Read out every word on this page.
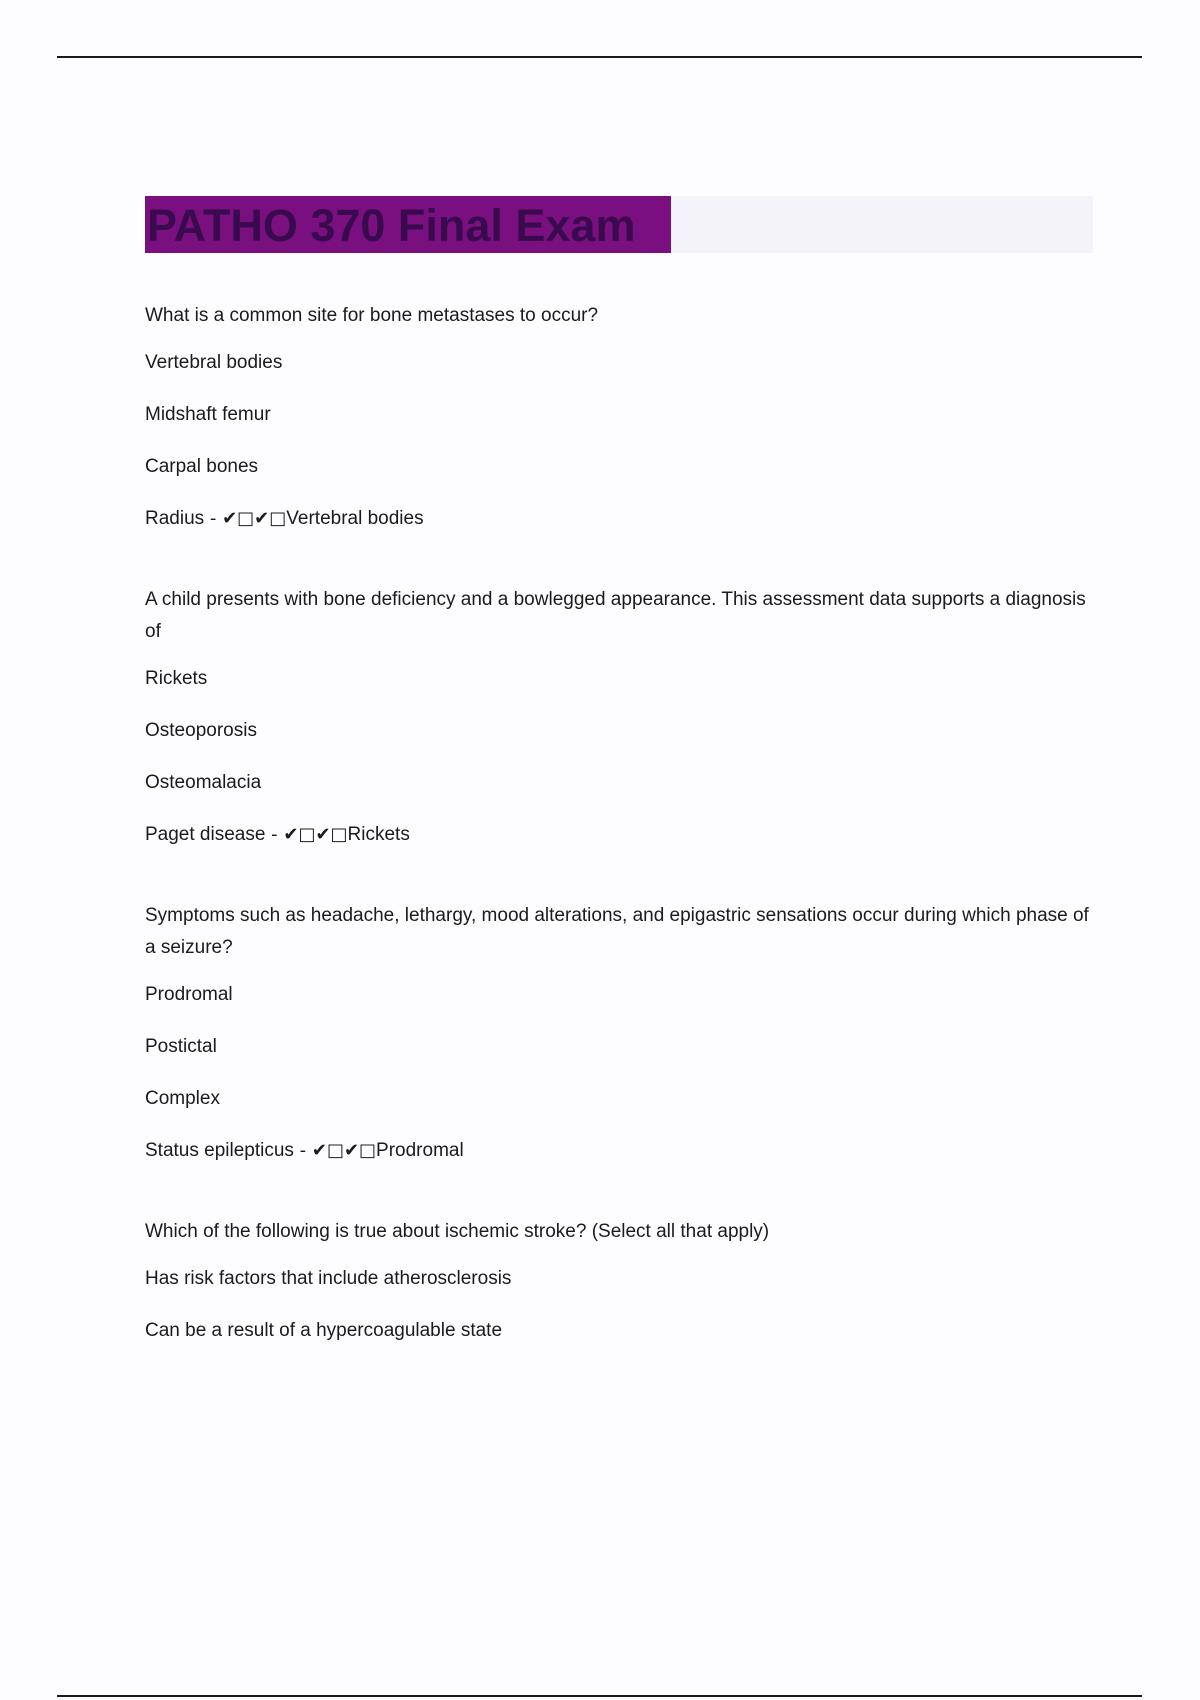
PATHO 370 Final Exam
What is a common site for bone metastases to occur?
Vertebral bodies
Midshaft femur
Carpal bones
Radius - ✔□✔□Vertebral bodies
A child presents with bone deficiency and a bowlegged appearance. This assessment data supports a diagnosis of
Rickets
Osteoporosis
Osteomalacia
Paget disease - ✔□✔□Rickets
Symptoms such as headache, lethargy, mood alterations, and epigastric sensations occur during which phase of a seizure?
Prodromal
Postictal
Complex
Status epilepticus - ✔□✔□Prodromal
Which of the following is true about ischemic stroke? (Select all that apply)
Has risk factors that include atherosclerosis
Can be a result of a hypercoagulable state
